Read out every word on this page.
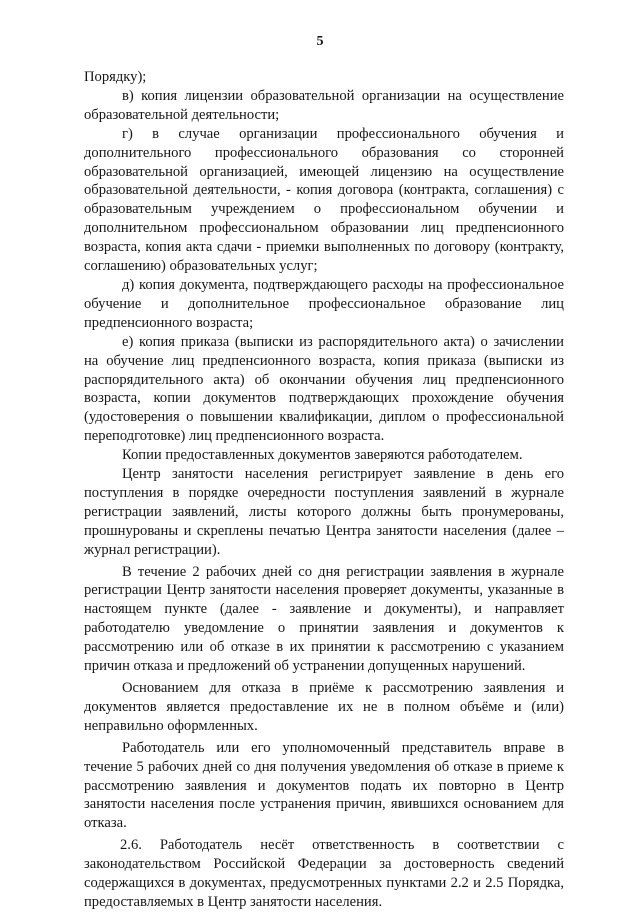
5

Порядку);

в) копия лицензии образовательной организации на осуществление образовательной деятельности;

г) в случае организации профессионального обучения и дополнительного профессионального образования со сторонней образовательной организацией, имеющей лицензию на осуществление образовательной деятельности, - копия договора (контракта, соглашения) с образовательным учреждением о профессиональном обучении и дополнительном профессиональном образовании лиц предпенсионного возраста, копия акта сдачи - приемки выполненных по договору (контракту, соглашению) образовательных услуг;

д) копия документа, подтверждающего расходы на профессиональное обучение и дополнительное профессиональное образование лиц предпенсионного возраста;

е) копия приказа (выписки из распорядительного акта) о зачислении на обучение лиц предпенсионного возраста, копия приказа (выписки из распорядительного акта) об окончании обучения лиц предпенсионного возраста, копии документов подтверждающих прохождение обучения (удостоверения о повышении квалификации, диплом о профессиональной переподготовке) лиц предпенсионного возраста.

Копии предоставленных документов заверяются работодателем.

Центр занятости населения регистрирует заявление в день его поступления в порядке очередности поступления заявлений в журнале регистрации заявлений, листы которого должны быть пронумерованы, прошнурованы и скреплены печатью Центра занятости населения (далее – журнал регистрации).

В течение 2 рабочих дней со дня регистрации заявления в журнале регистрации Центр занятости населения проверяет документы, указанные в настоящем пункте (далее - заявление и документы), и направляет работодателю уведомление о принятии заявления и документов к рассмотрению или об отказе в их принятии к рассмотрению с указанием причин отказа и предложений об устранении допущенных нарушений.

Основанием для отказа в приёме к рассмотрению заявления и документов является предоставление их не в полном объёме и (или) неправильно оформленных.

Работодатель или его уполномоченный представитель вправе в течение 5 рабочих дней со дня получения уведомления об отказе в приеме к рассмотрению заявления и документов подать их повторно в Центр занятости населения после устранения причин, явившихся основанием для отказа.

2.6. Работодатель несёт ответственность в соответствии с законодательством Российской Федерации за достоверность сведений содержащихся в документах, предусмотренных пунктами 2.2 и 2.5 Порядка, предоставляемых в Центр занятости населения.
